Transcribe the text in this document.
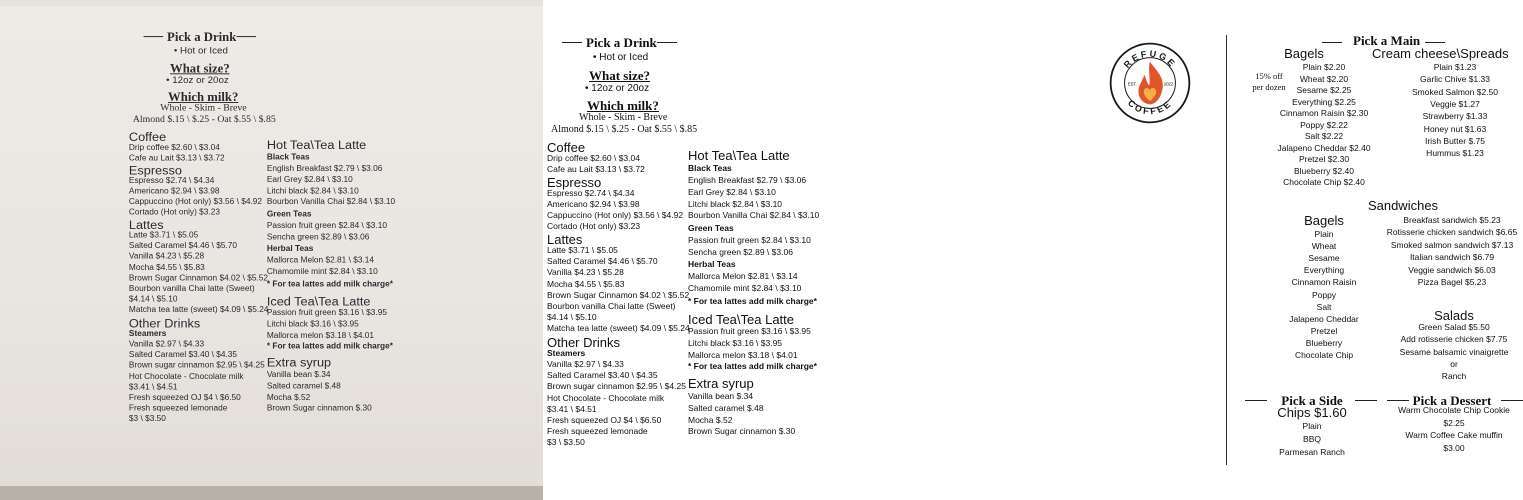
Pick a Drink
• Hot or Iced
What size?
• 12oz or 20oz
Which milk?
Whole - Skim - Breve
Almond $.15 \ $.25 - Oat $.55 \ $.85
Coffee
Drip coffee $2.60 \ $3.04
Cafe au Lait $3.13 \ $3.72
Espresso
Espresso $2.74 \ $4.34
Americano $2.94 \ $3.98
Cappuccino (Hot only) $3.56 \ $4.92
Cortado (Hot only) $3.23
Lattes
Latte $3.71 \ $5.05
Salted Caramel $4.46 \ $5.70
Vanilla $4.23 \ $5.28
Mocha $4.55 \ $5.83
Brown Sugar Cinnamon $4.02 \ $5.52
Bourbon vanilla Chai latte (Sweet)
$4.14 \ $5.10
Matcha tea latte (sweet) $4.09 \ $5.24
Other Drinks
Steamers
Vanilla $2.97 \ $4.33
Salted Caramel $3.40 \ $4.35
Brown sugar cinnamon $2.95 \ $4.25
Hot Chocolate - Chocolate milk
$3.41 \ $4.51
Fresh squeezed OJ $4 \ $6.50
Fresh squeezed lemonade
$3 \ $3.50
Hot Tea\Tea Latte
Black Teas
English Breakfast $2.79 \ $3.06
Earl Grey $2.84 \ $3.10
Litchi black $2.84 \ $3.10
Bourbon Vanilla Chai $2.84 \ $3.10
Green Teas
Passion fruit green $2.84 \ $3.10
Sencha green $2.89 \ $3.06
Herbal Teas
Mallorca Melon $2.81 \ $3.14
Chamomile mint $2.84 \ $3.10
* For tea lattes add milk charge*
Iced Tea\Tea Latte
Passion fruit green $3.16 \ $3.95
Litchi black $3.16 \ $3.95
Mallorca melon $3.18 \ $4.01
* For tea lattes add milk charge*
Extra syrup
Vanilla bean $.34
Salted caramel $.48
Mocha $.52
Brown Sugar cinnamon $.30
Pick a Drink
• Hot or Iced
What size?
• 12oz or 20oz
Which milk?
Whole - Skim - Breve
Almond $.15 \ $.25 - Oat $.55 \ $.85
Coffee
Drip coffee $2.60 \ $3.04
Cafe au Lait $3.13 \ $3.72
Espresso
Espresso $2.74 \ $4.34
Americano $2.94 \ $3.98
Cappuccino (Hot only) $3.56 \ $4.92
Cortado (Hot only) $3.23
Lattes
Latte $3.71 \ $5.05
Salted Caramel $4.46 \ $5.70
Vanilla $4.23 \ $5.28
Mocha $4.55 \ $5.83
Brown Sugar Cinnamon $4.02 \ $5.52
Bourbon vanilla Chai latte (Sweet)
$4.14 \ $5.10
Matcha tea latte (sweet) $4.09 \ $5.24
Other Drinks
Steamers
Vanilla $2.97 \ $4.33
Salted Caramel $3.40 \ $4.35
Brown sugar cinnamon $2.95 \ $4.25
Hot Chocolate - Chocolate milk
$3.41 \ $4.51
Fresh squeezed OJ $4 \ $6.50
Fresh squeezed lemonade
$3 \ $3.50
Hot Tea\Tea Latte
Black Teas
English Breakfast $2.79 \ $3.06
Earl Grey $2.84 \ $3.10
Litchi black $2.84 \ $3.10
Bourbon Vanilla Chai $2.84 \ $3.10
Green Teas
Passion fruit green $2.84 \ $3.10
Sencha green $2.89 \ $3.06
Herbal Teas
Mallorca Melon $2.81 \ $3.14
Chamomile mint $2.84 \ $3.10
* For tea lattes add milk charge*
Iced Tea\Tea Latte
Passion fruit green $3.16 \ $3.95
Litchi black $3.16 \ $3.95
Mallorca melon $3.18 \ $4.01
* For tea lattes add milk charge*
Extra syrup
Vanilla bean $.34
Salted caramel $.48
Mocha $.52
Brown Sugar cinnamon $.30
Pick a Main
Bagels
Plain $2.20
Wheat $2.20
Sesame $2.25
Everything $2.25
Cinnamon Raisin $2.30
Poppy $2.22
Salt $2.22
Jalapeno Cheddar $2.40
Pretzel $2.30
Blueberry $2.40
Chocolate Chip $2.40
15% off
per dozen
Cream cheese\Spreads
Plain $1.23
Garlic Chive $1.33
Smoked Salmon $2.50
Veggie $1.27
Strawberry $1.33
Honey nut $1.63
Irish Butter $.75
Hummus $1.23
Bagels
Plain
Wheat
Sesame
Everything
Cinnamon Raisin
Poppy
Salt
Jalapeno Cheddar
Pretzel
Blueberry
Chocolate Chip
Sandwiches
Breakfast sandwich $5.23
Rotisserie chicken sandwich $6.65
Smoked salmon sandwich $7.13
Italian sandwich $6.79
Veggie sandwich $6.03
Pizza Bagel $5.23
Salads
Green Salad $5.50
Add rotisserie chicken $7.75
Sesame balsamic vinaigrette
or
Ranch
Pick a Side
Chips $1.60
Plain
BBQ
Parmesan Ranch
Pick a Dessert
Warm Chocolate Chip Cookie
$2.25
Warm Coffee Cake muffin
$3.00
REFUGE
COFFEE
EST.	2022
